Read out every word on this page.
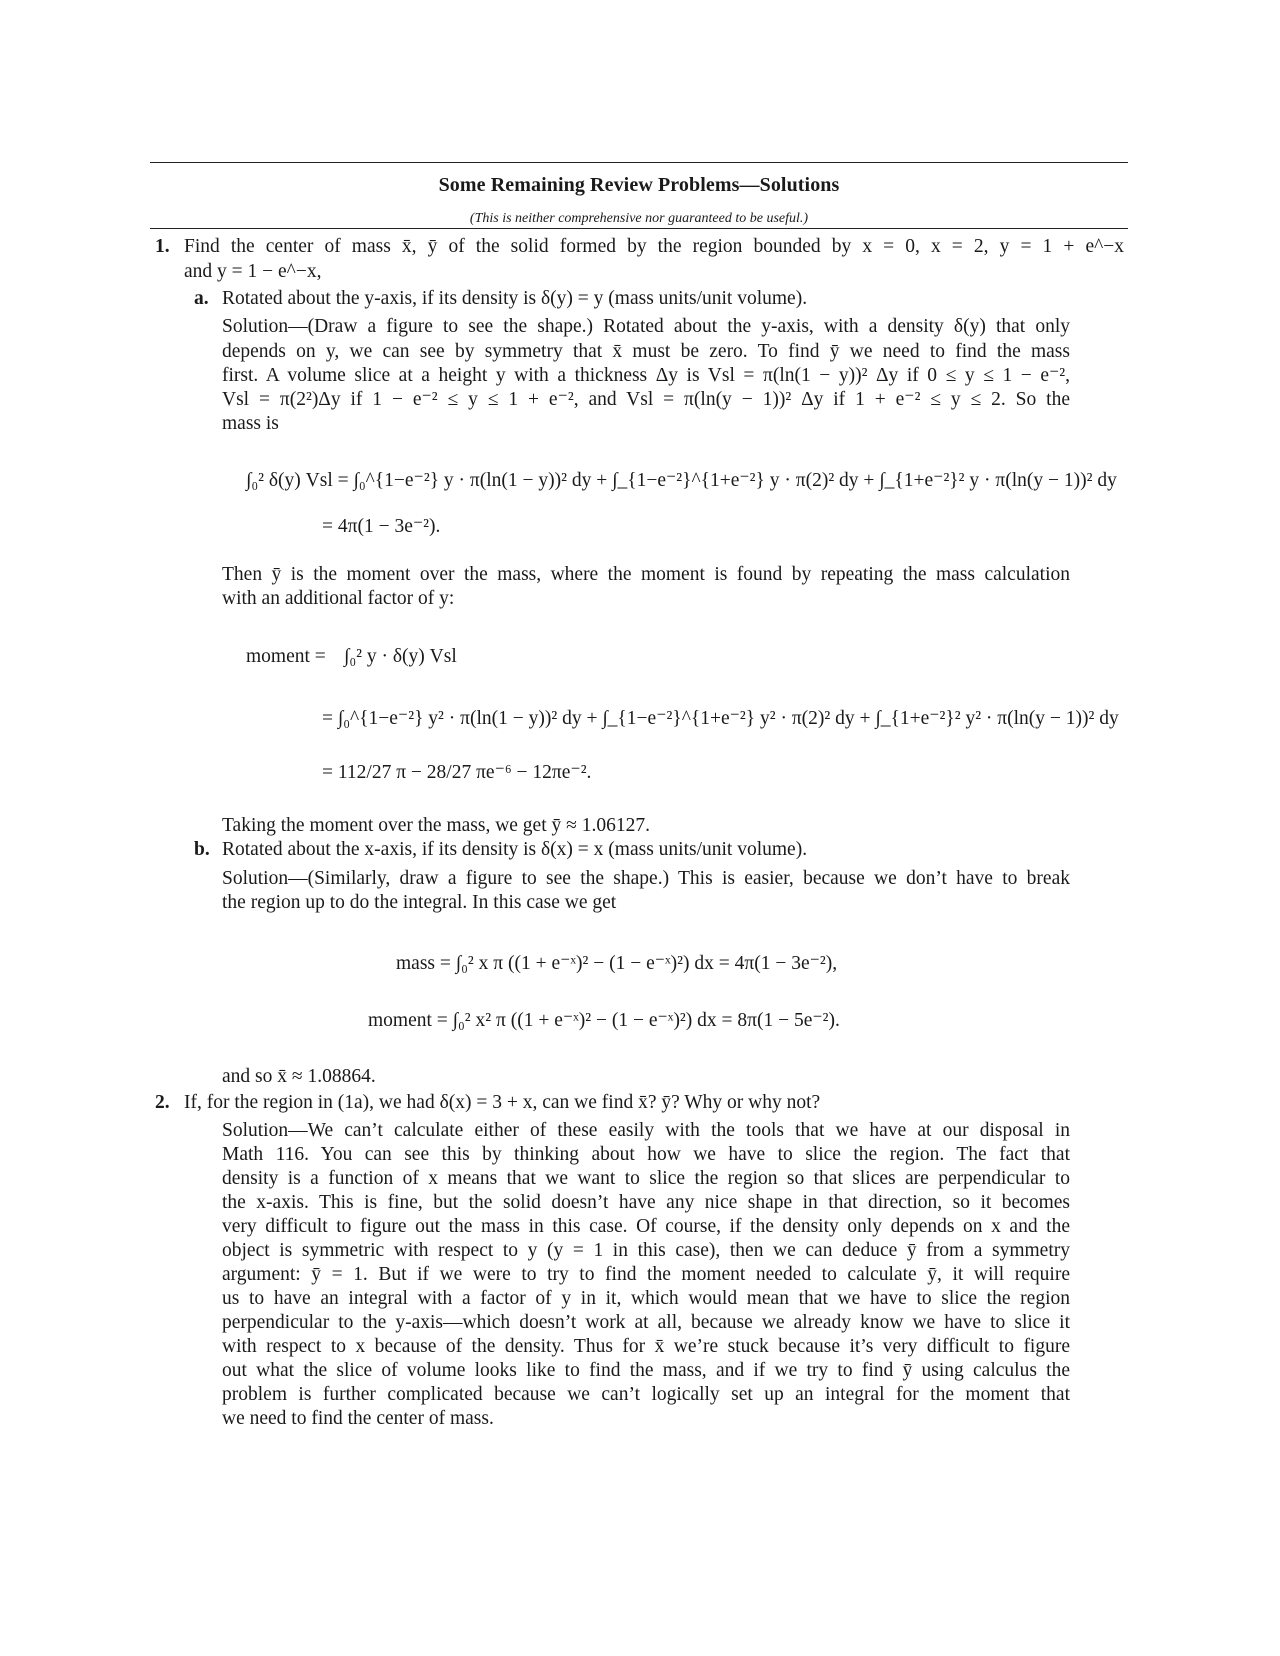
Some Remaining Review Problems—Solutions
(This is neither comprehensive nor guaranteed to be useful.)
1. Find the center of mass x̄, ȳ of the solid formed by the region bounded by x = 0, x = 2, y = 1 + e^−x
and y = 1 − e^−x,
a. Rotated about the y-axis, if its density is δ(y) = y (mass units/unit volume).
Solution—(Draw a figure to see the shape.) Rotated about the y-axis, with a density δ(y) that only
depends on y, we can see by symmetry that x̄ must be zero. To find ȳ we need to find the mass
first. A volume slice at a height y with a thickness Δy is Vsl = π(ln(1 − y))² Δy if 0 ≤ y ≤ 1 − e⁻²,
Vsl = π(2²)Δy if 1 − e⁻² ≤ y ≤ 1 + e⁻², and Vsl = π(ln(y − 1))² Δy if 1 + e⁻² ≤ y ≤ 2. So the
mass is
∫₀² δ(y) Vsl = ∫₀^{1−e⁻²} y · π(ln(1 − y))² dy + ∫_{1−e⁻²}^{1+e⁻²} y · π(2)² dy + ∫_{1+e⁻²}² y · π(ln(y − 1))² dy
= 4π(1 − 3e⁻²).
Then ȳ is the moment over the mass, where the moment is found by repeating the mass calculation
with an additional factor of y:
moment = ∫₀² y · δ(y) Vsl
= ∫₀^{1−e⁻²} y² · π(ln(1 − y))² dy + ∫_{1−e⁻²}^{1+e⁻²} y² · π(2)² dy + ∫_{1+e⁻²}² y² · π(ln(y − 1))² dy
= 112/27 π − 28/27 πe⁻⁶ − 12πe⁻².
Taking the moment over the mass, we get ȳ ≈ 1.06127.
b. Rotated about the x-axis, if its density is δ(x) = x (mass units/unit volume).
Solution—(Similarly, draw a figure to see the shape.) This is easier, because we don’t have to break
the region up to do the integral. In this case we get
mass = ∫₀² x π ((1 + e⁻ˣ)² − (1 − e⁻ˣ)²) dx = 4π(1 − 3e⁻²),
moment = ∫₀² x² π ((1 + e⁻ˣ)² − (1 − e⁻ˣ)²) dx = 8π(1 − 5e⁻²).
and so x̄ ≈ 1.08864.
2. If, for the region in (1a), we had δ(x) = 3 + x, can we find x̄? ȳ? Why or why not?
Solution—We can’t calculate either of these easily with the tools that we have at our disposal in
Math 116. You can see this by thinking about how we have to slice the region. The fact that
density is a function of x means that we want to slice the region so that slices are perpendicular to
the x-axis. This is fine, but the solid doesn’t have any nice shape in that direction, so it becomes
very difficult to figure out the mass in this case. Of course, if the density only depends on x and the
object is symmetric with respect to y (y = 1 in this case), then we can deduce ȳ from a symmetry
argument: ȳ = 1. But if we were to try to find the moment needed to calculate ȳ, it will require
us to have an integral with a factor of y in it, which would mean that we have to slice the region
perpendicular to the y-axis—which doesn’t work at all, because we already know we have to slice it
with respect to x because of the density. Thus for x̄ we’re stuck because it’s very difficult to figure
out what the slice of volume looks like to find the mass, and if we try to find ȳ using calculus the
problem is further complicated because we can’t logically set up an integral for the moment that
we need to find the center of mass.
